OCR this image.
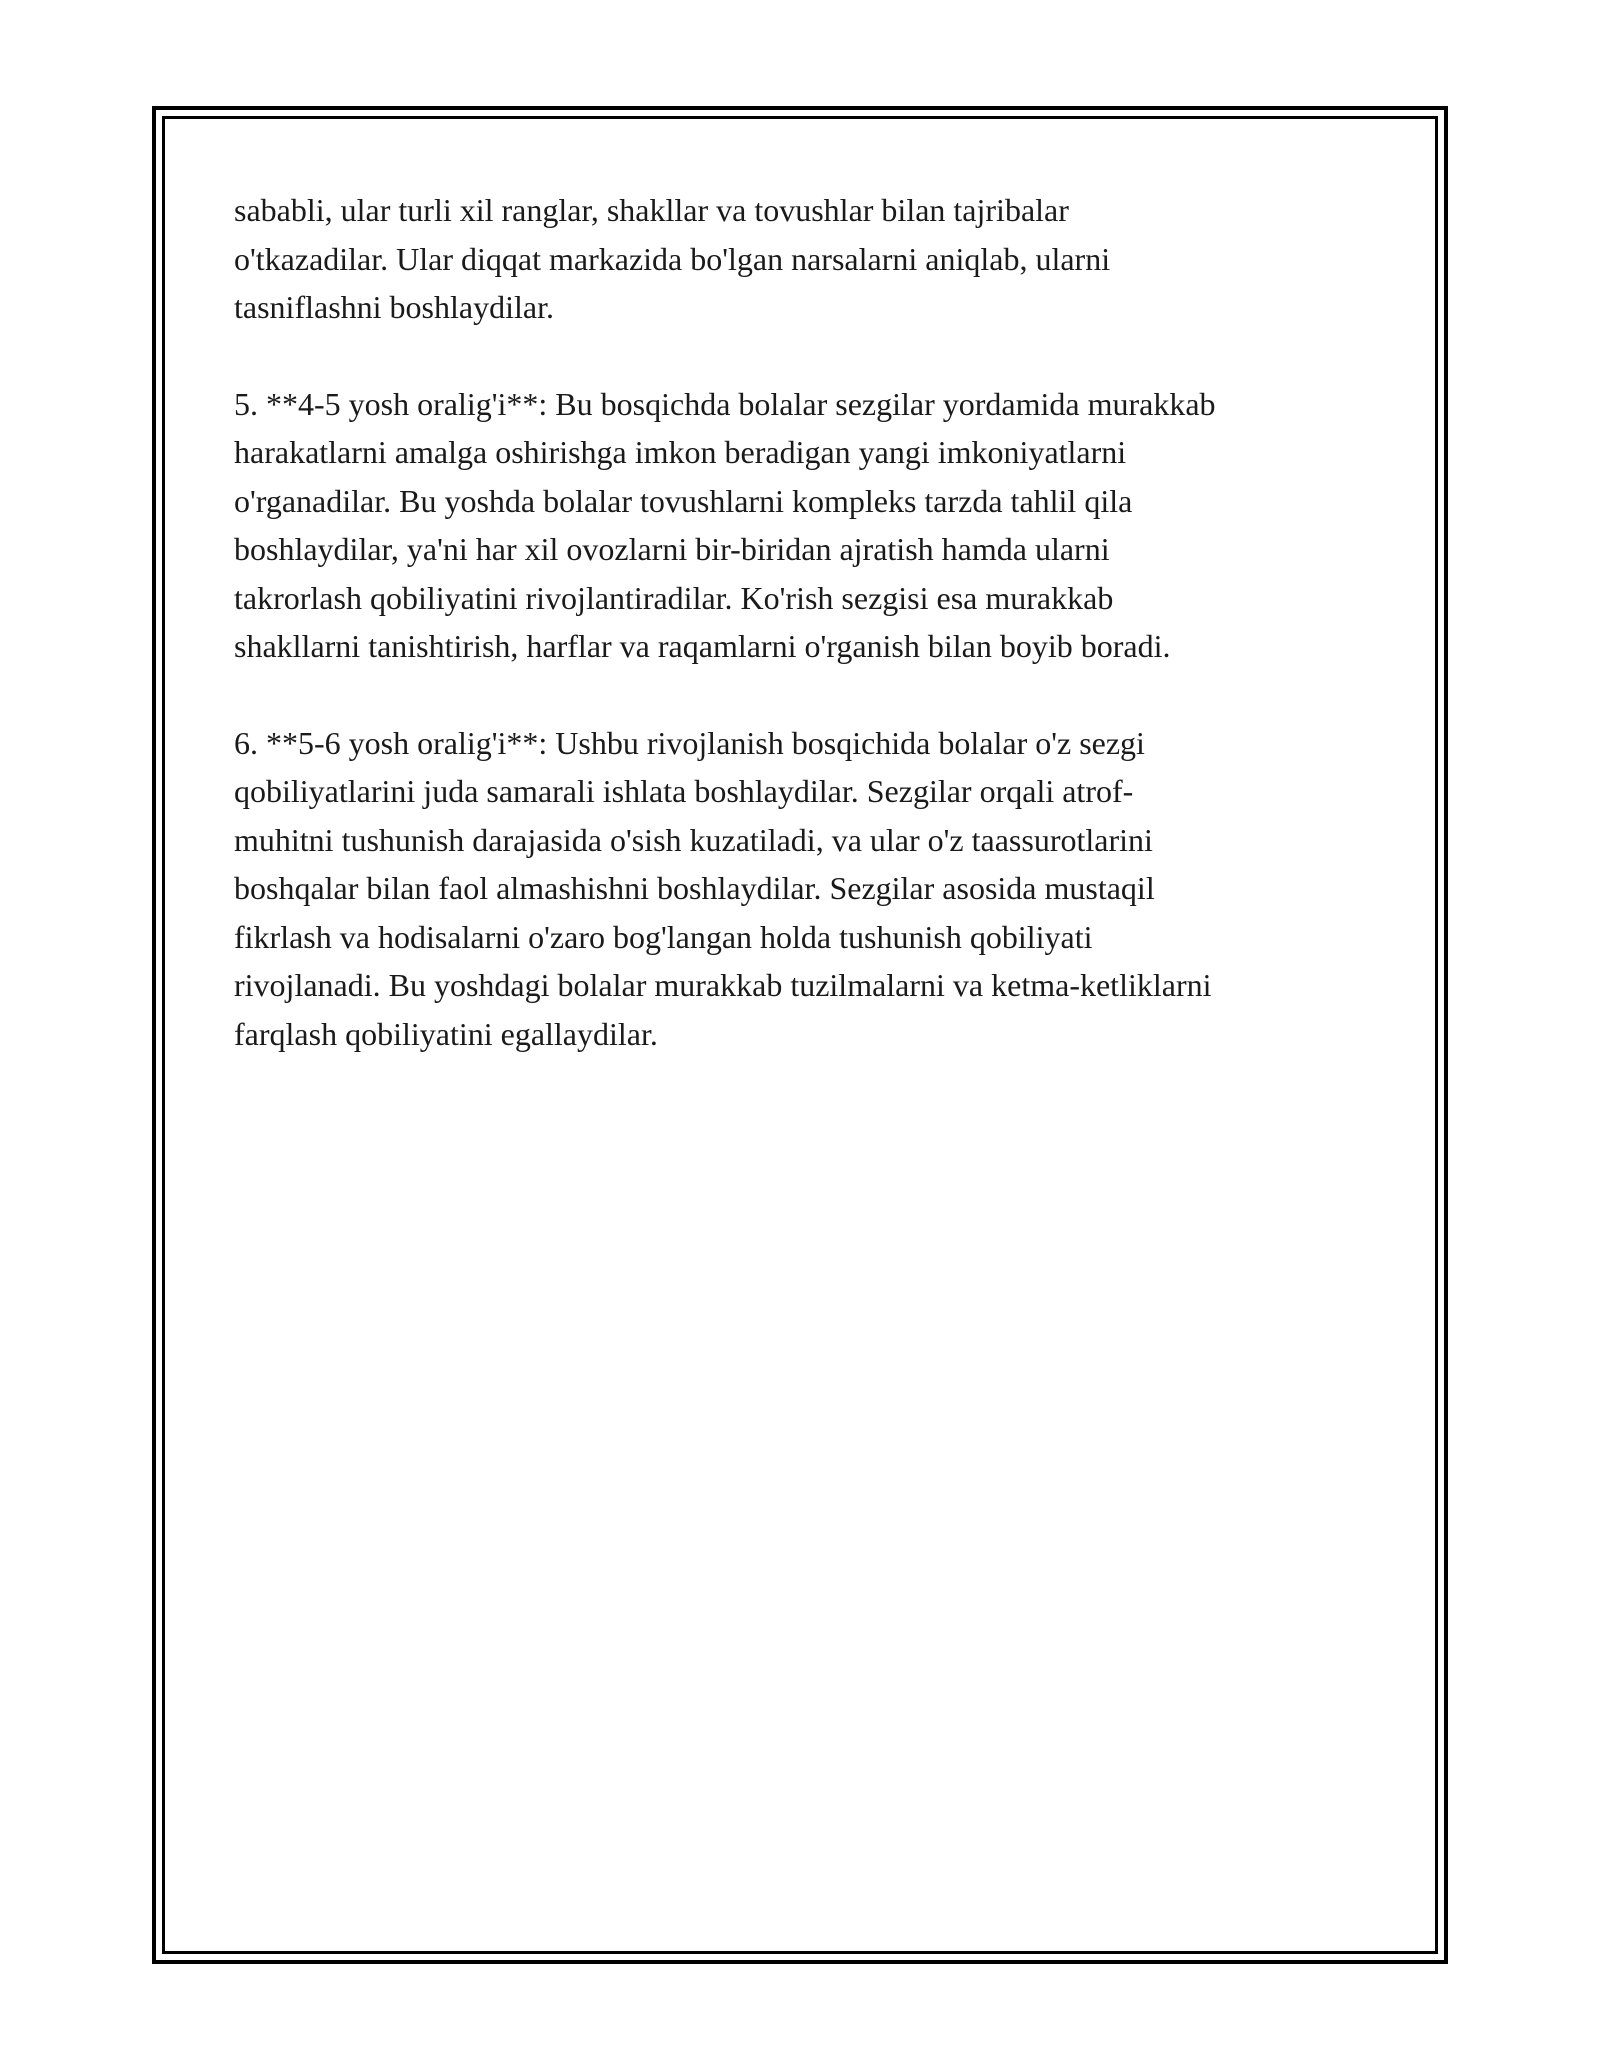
sababli, ular turli xil ranglar, shakllar va tovushlar bilan tajribalar
o'tkazadilar. Ular diqqat markazida bo'lgan narsalarni aniqlab, ularni
tasniflashni boshlaydilar.

5. **4-5 yosh oralig'i**: Bu bosqichda bolalar sezgilar yordamida murakkab
harakatlarni amalga oshirishga imkon beradigan yangi imkoniyatlarni
o'rganadilar. Bu yoshda bolalar tovushlarni kompleks tarzda tahlil qila
boshlaydilar, ya'ni har xil ovozlarni bir-biridan ajratish hamda ularni
takrorlash qobiliyatini rivojlantiradilar. Ko'rish sezgisi esa murakkab
shakllarni tanishtirish, harflar va raqamlarni o'rganish bilan boyib boradi.

6. **5-6 yosh oralig'i**: Ushbu rivojlanish bosqichida bolalar o'z sezgi
qobiliyatlarini juda samarali ishlata boshlaydilar. Sezgilar orqali atrof-
muhitni tushunish darajasida o'sish kuzatiladi, va ular o'z taassurotlarini
boshqalar bilan faol almashishni boshlaydilar. Sezgilar asosida mustaqil
fikrlash va hodisalarni o'zaro bog'langan holda tushunish qobiliyati
rivojlanadi. Bu yoshdagi bolalar murakkab tuzilmalarni va ketma-ketliklarni
farqlash qobiliyatini egallaydilar.
